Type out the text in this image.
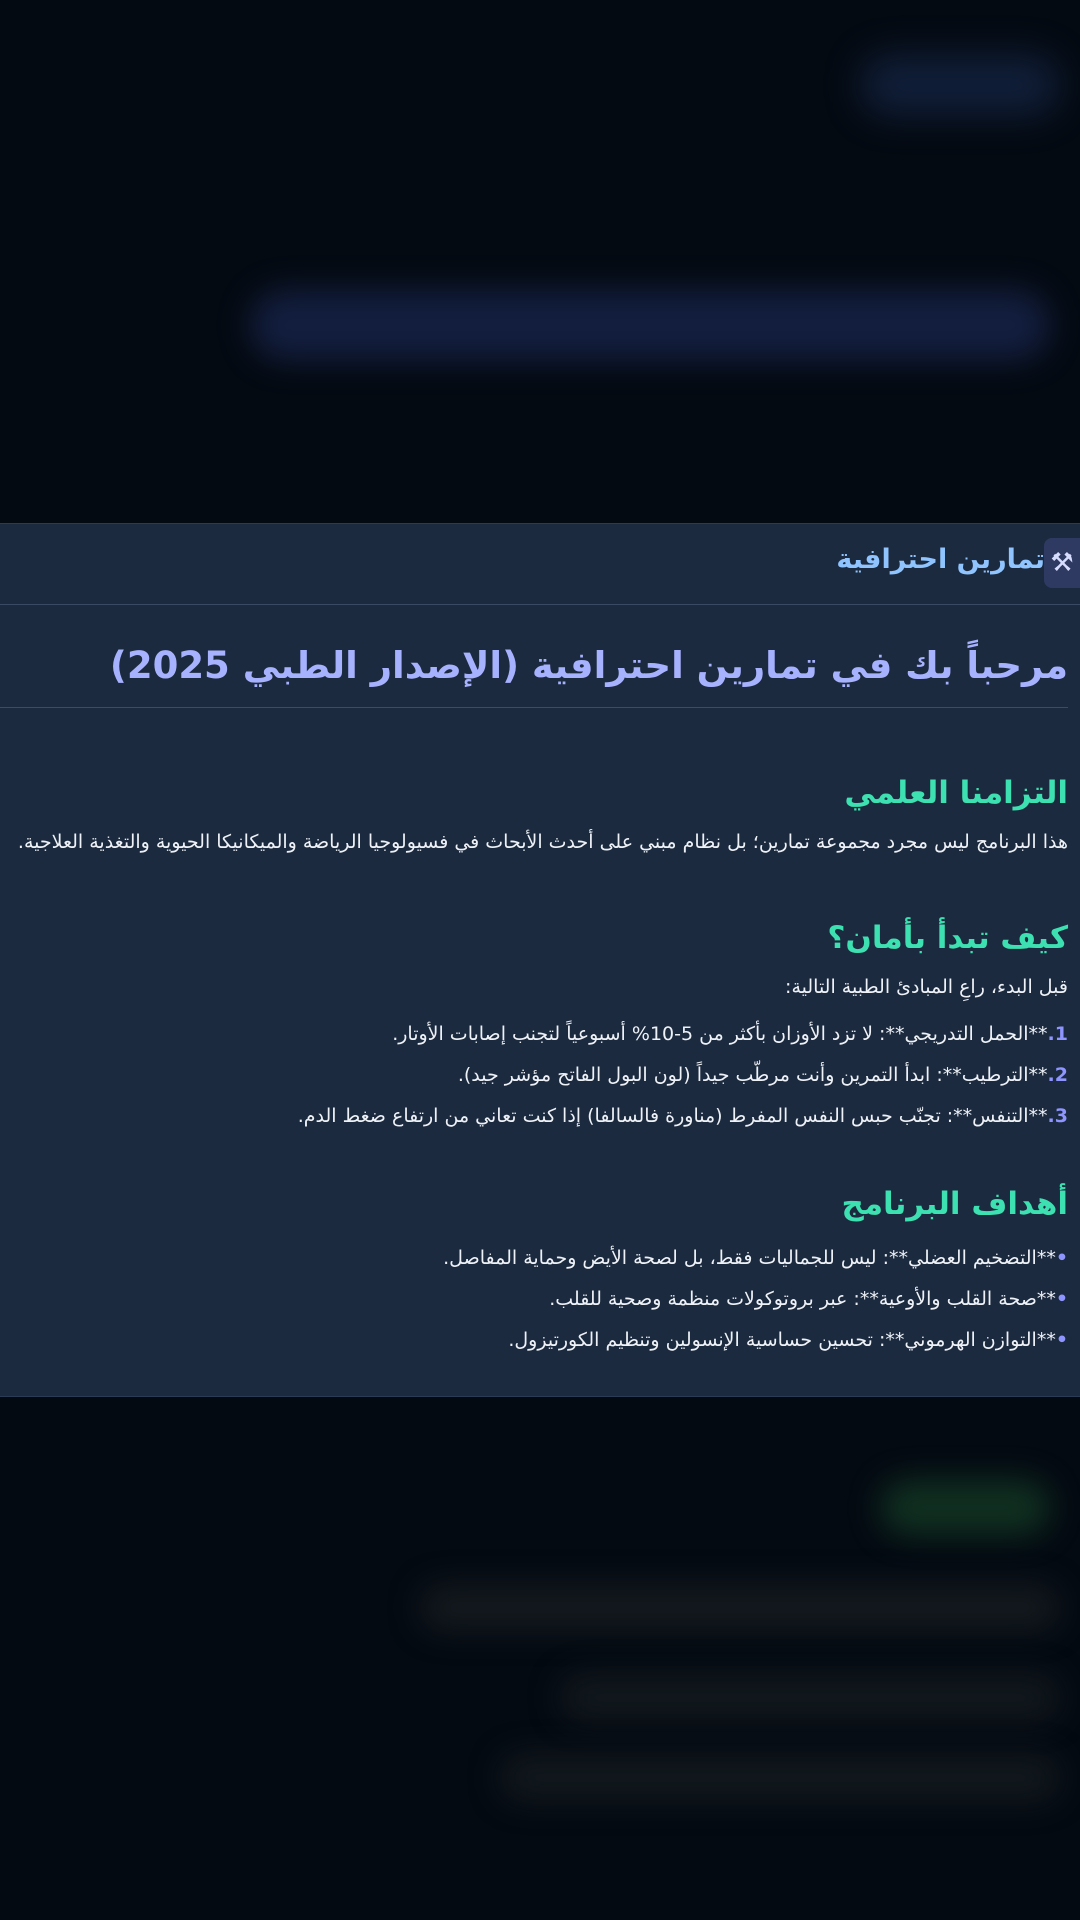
⚒
تمارين احترافية
مرحباً بك في تمارين احترافية (الإصدار الطبي 2025)
التزامنا العلمي

هذا البرنامج ليس مجرد مجموعة تمارين؛ بل نظام مبني على أحدث الأبحاث في فسيولوجيا الرياضة والميكانيكا الحيوية والتغذية العلاجية.

كيف تبدأ بأمان؟

قبل البدء، راعِ المبادئ الطبية التالية:

1.**الحمل التدريجي**: لا تزد الأوزان بأكثر من 5-10% أسبوعياً لتجنب إصابات الأوتار.
2.**الترطيب**: ابدأ التمرين وأنت مرطّب جيداً (لون البول الفاتح مؤشر جيد).
3.**التنفس**: تجنّب حبس النفس المفرط (مناورة فالسالفا) إذا كنت تعاني من ارتفاع ضغط الدم.
أهداف البرنامج
•**التضخيم العضلي**: ليس للجماليات فقط، بل لصحة الأيض وحماية المفاصل.
•**صحة القلب والأوعية**: عبر بروتوكولات منظمة وصحية للقلب.
•**التوازن الهرموني**: تحسين حساسية الإنسولين وتنظيم الكورتيزول.
